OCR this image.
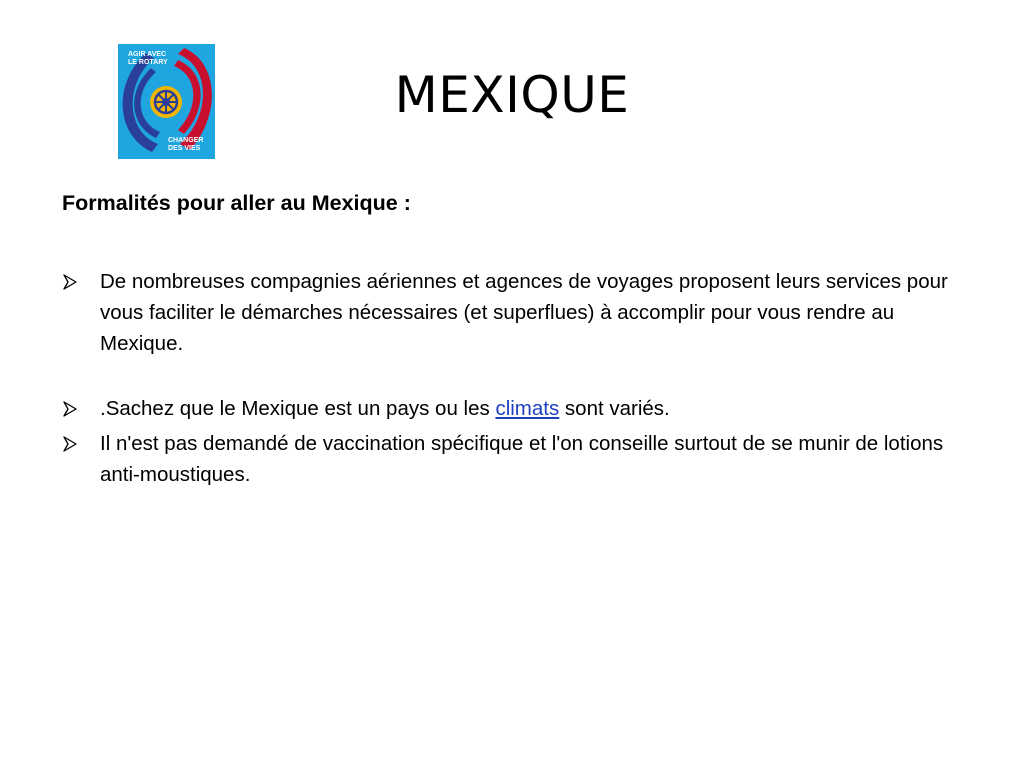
AGIR AVEC
LE ROTARY
CHANGER
DES VIES
MEXIQUE
Formalités pour aller au Mexique :
De nombreuses compagnies aériennes et agences de voyages proposent leurs services pour vous faciliter le démarches nécessaires (et superflues) à accomplir pour vous rendre au Mexique.
.Sachez que le Mexique est un pays ou les climats sont variés.
Il n'est pas demandé de vaccination spécifique et l'on conseille surtout de se munir de lotions anti-moustiques.
